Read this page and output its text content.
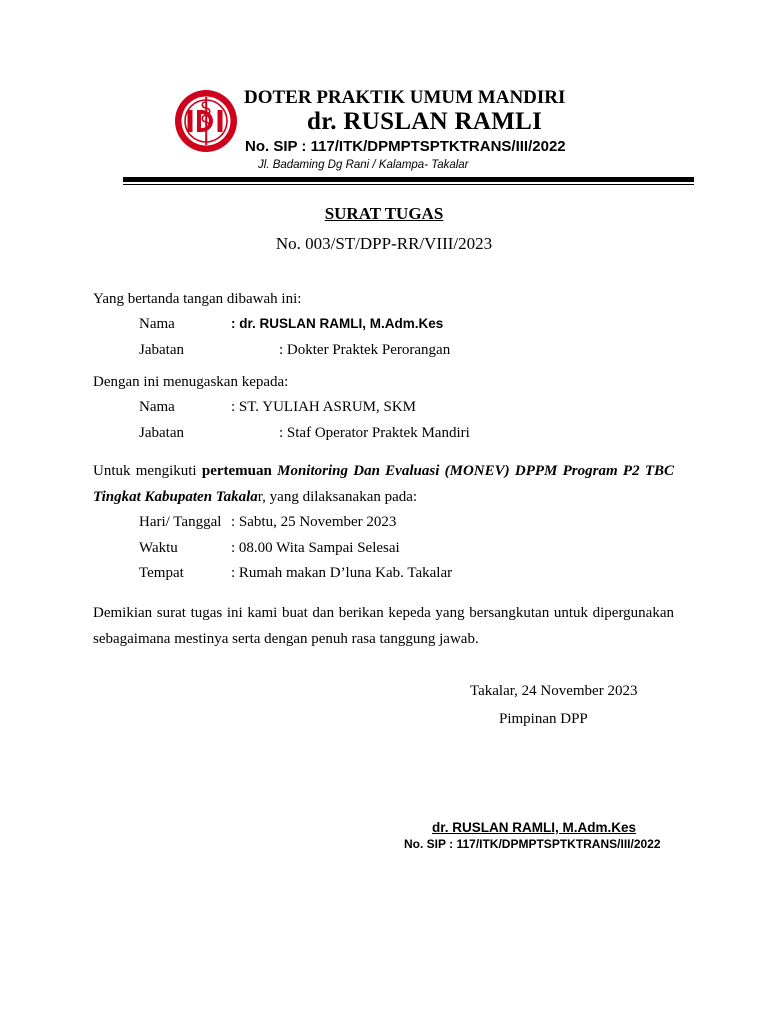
DOTER PRAKTIK UMUM MANDIRI
dr. RUSLAN RAMLI
No. SIP : 117/ITK/DPMPTSPTKTRANS/III/2022
Jl. Badaming Dg Rani / Kalampa- Takalar
SURAT TUGAS
No. 003/ST/DPP-RR/VIII/2023
Yang bertanda tangan dibawah ini:
Nama	: dr. RUSLAN RAMLI, M.Adm.Kes
Jabatan	: Dokter Praktek Perorangan
Dengan ini menugaskan kepada:
Nama	: ST. YULIAH ASRUM, SKM
Jabatan	: Staf Operator Praktek Mandiri
Untuk mengikuti pertemuan Monitoring Dan Evaluasi (MONEV) DPPM Program P2 TBC Tingkat Kabupaten Takalar, yang dilaksanakan pada:
Hari/ Tanggal : Sabtu, 25 November 2023
Waktu	: 08.00 Wita Sampai Selesai
Tempat	: Rumah makan D’luna Kab. Takalar
Demikian surat tugas ini kami buat dan berikan kepeda yang bersangkutan untuk dipergunakan sebagaimana mestinya serta dengan penuh rasa tanggung jawab.
Takalar, 24 November 2023
Pimpinan DPP
dr. RUSLAN RAMLI, M.Adm.Kes
No. SIP : 117/ITK/DPMPTSPTKTRANS/III/2022
